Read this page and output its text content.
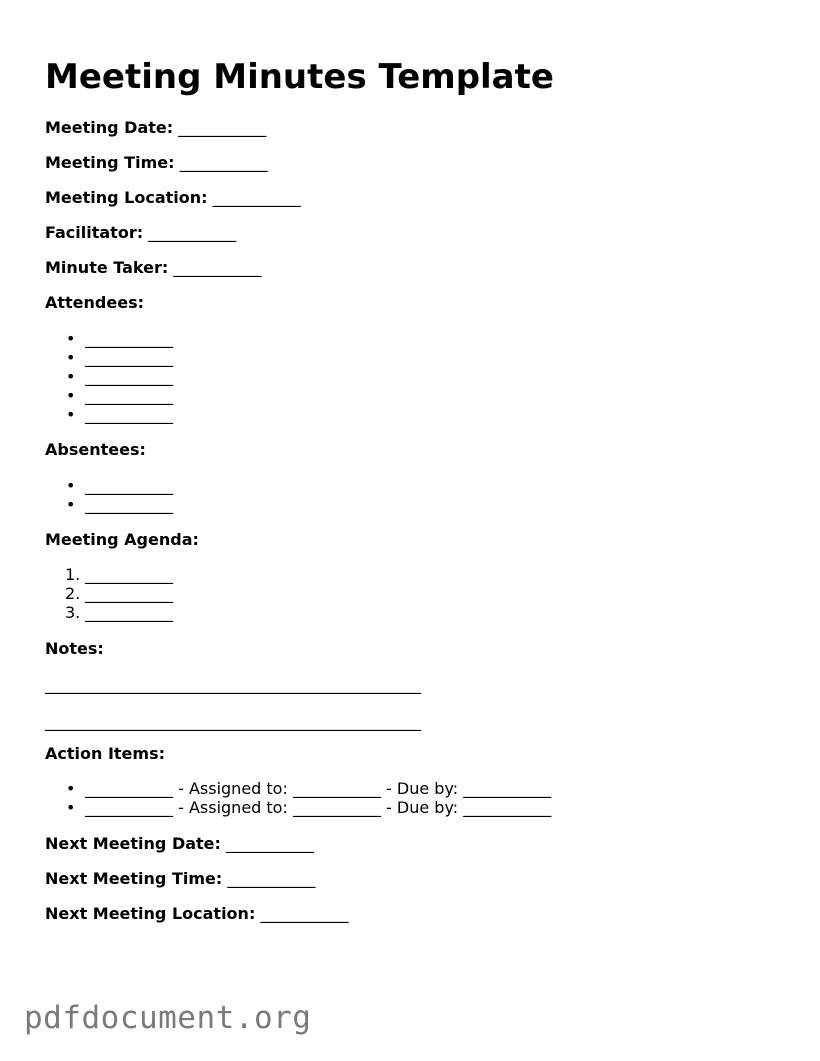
Meeting Minutes Template
Meeting Date: ___________
Meeting Time: ___________
Meeting Location: ___________
Facilitator: ___________
Minute Taker: ___________
Attendees:
• ___________
• ___________
• ___________
• ___________
• ___________
Absentees:
• ___________
• ___________
Meeting Agenda:
1. ___________
2. ___________
3. ___________
Notes:
_______________________________________________
_______________________________________________
Action Items:
• ___________ - Assigned to: ___________ - Due by: ___________
• ___________ - Assigned to: ___________ - Due by: ___________
Next Meeting Date: ___________
Next Meeting Time: ___________
Next Meeting Location: ___________
pdfdocument.org
